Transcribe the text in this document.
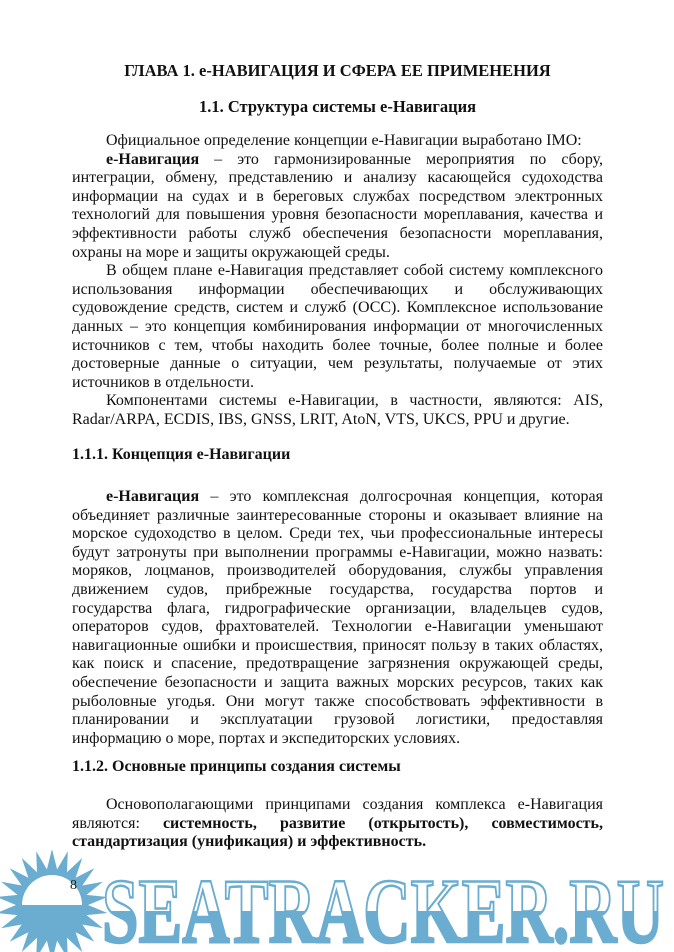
ГЛАВА 1. е-НАВИГАЦИЯ И СФЕРА ЕЕ ПРИМЕНЕНИЯ
1.1. Структура системы е-Навигация
Официальное определение концепции е-Навигации выработано IMO:
е-Навигация – это гармонизированные мероприятия по сбору,
интеграции, обмену, представлению и анализу касающейся судоходства
информации на судах и в береговых службах посредством электронных
технологий для повышения уровня безопасности мореплавания, качества и
эффективности работы служб обеспечения безопасности мореплавания,
охраны на море и защиты окружающей среды.
В общем плане е-Навигация представляет собой систему комплексного
использования информации обеспечивающих и обслуживающих
судовождение средств, систем и служб (ОСС). Комплексное использование
данных – это концепция комбинирования информации от многочисленных
источников с тем, чтобы находить более точные, более полные и более
достоверные данные о ситуации, чем результаты, получаемые от этих
источников в отдельности.
Компонентами системы е-Навигации, в частности, являются: AIS,
Radar/ARPA, ECDIS, IBS, GNSS, LRIT, AtoN, VTS, UKCS, PPU и другие.
1.1.1. Концепция е-Навигации
е-Навигация – это комплексная долгосрочная концепция, которая
объединяет различные заинтересованные стороны и оказывает влияние на
морское судоходство в целом. Среди тех, чьи профессиональные интересы
будут затронуты при выполнении программы е-Навигации, можно назвать:
моряков, лоцманов, производителей оборудования, службы управления
движением судов, прибрежные государства, государства портов и
государства флага, гидрографические организации, владельцев судов,
операторов судов, фрахтователей. Технологии е-Навигации уменьшают
навигационные ошибки и происшествия, приносят пользу в таких областях,
как поиск и спасение, предотвращение загрязнения окружающей среды,
обеспечение безопасности и защита важных морских ресурсов, таких как
рыболовные угодья. Они могут также способствовать эффективности в
планировании и эксплуатации грузовой логистики, предоставляя
информацию о море, портах и экспедиторских условиях.
1.1.2. Основные принципы создания системы
Основополагающими принципами создания комплекса е-Навигация
являются: системность, развитие (открытость), совместимость,
стандартизация (унификация) и эффективность.
SEATRACKER.RU
8
